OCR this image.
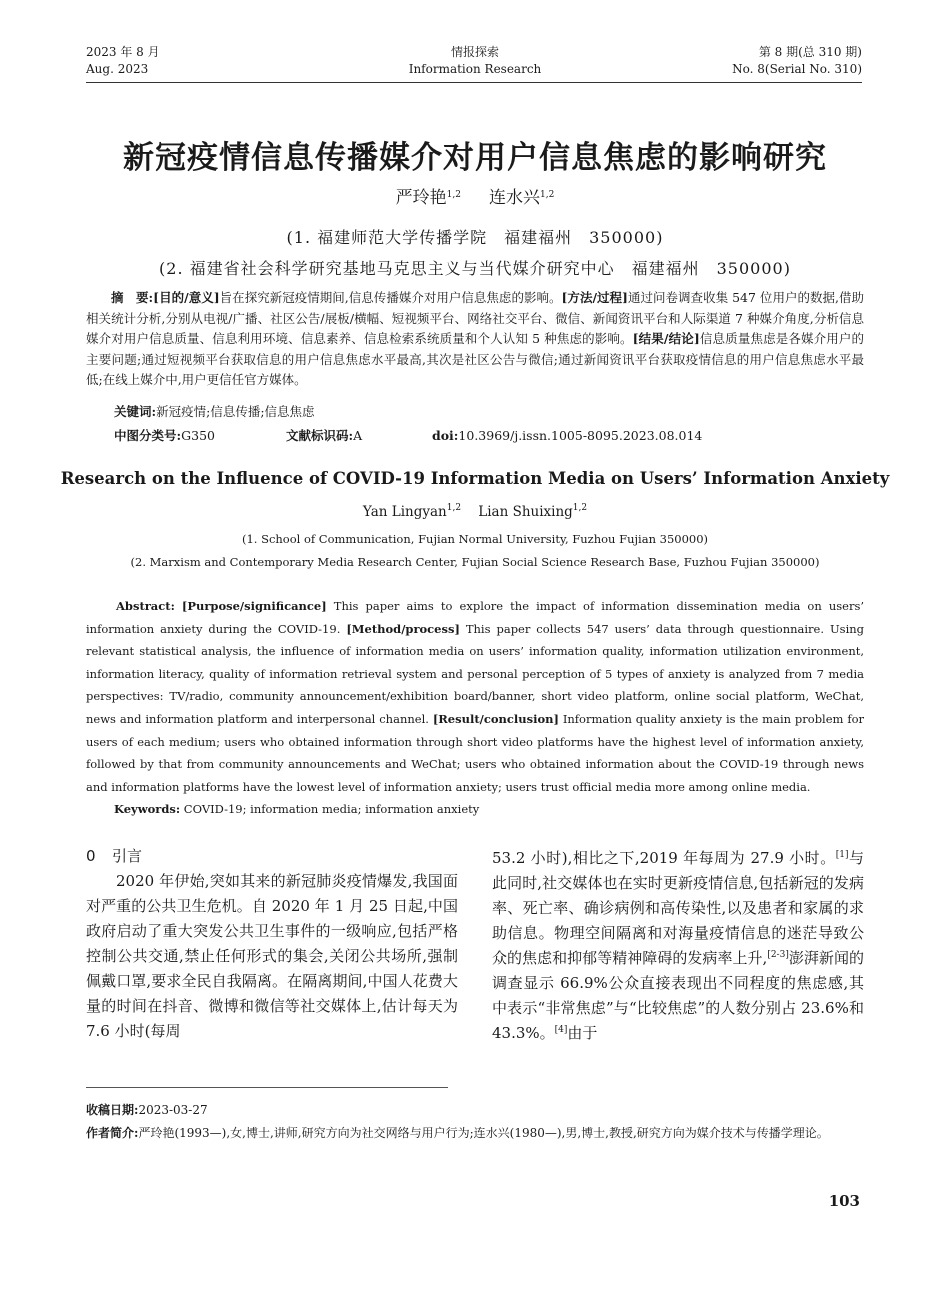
2023 年 8 月
Aug. 2023
情报探索
Information Research
第 8 期(总 310 期)
No. 8(Serial No. 310)
新冠疫情信息传播媒介对用户信息焦虑的影响研究
严玲艳$^{1,2}$ 连水兴$^{1,2}$
(1. 福建师范大学传播学院　福建福州　350000)
(2. 福建省社会科学研究基地马克思主义与当代媒介研究中心　福建福州　350000)
  摘　要:[目的/意义]旨在探究新冠疫情期间,信息传播媒介对用户信息焦虑的影响。[方法/过程]通过问卷调查收集 547 位用户的数据,借助相关统计分析,分别从电视/广播、社区公告/展板/横幅、短视频平台、网络社交平台、微信、新闻资讯平台和人际渠道 7 种媒介角度,分析信息媒介对用户信息质量、信息利用环境、信息素养、信息检索系统质量和个人认知 5 种焦虑的影响。[结果/结论]信息质量焦虑是各媒介用户的主要问题;通过短视频平台获取信息的用户信息焦虑水平最高,其次是社区公告与微信;通过新闻资讯平台获取疫情信息的用户信息焦虑水平最低;在线上媒介中,用户更信任官方媒体。
关键词:新冠疫情;信息传播;信息焦虑
中图分类号:G350	文献标识码:A	doi:10.3969/j.issn.1005-8095.2023.08.014
Research on the Influence of COVID-19 Information Media on Users’ Information Anxiety
Yan Lingyan$^{1,2}$ Lian Shuixing$^{1,2}$
(1. School of Communication, Fujian Normal University, Fuzhou Fujian 350000)
(2. Marxism and Contemporary Media Research Center, Fujian Social Science Research Base, Fuzhou Fujian 350000)
Abstract: [Purpose/significance] This paper aims to explore the impact of information dissemination media on users’ information anxiety during the COVID-19. [Method/process] This paper collects 547 users’ data through questionnaire. Using relevant statistical analysis, the influence of information media on users’ information quality, information utilization environment, information literacy, quality of information retrieval system and personal perception of 5 types of anxiety is analyzed from 7 media perspectives: TV/radio, community announcement/exhibition board/banner, short video platform, online social platform, WeChat, news and information platform and interpersonal channel. [Result/conclusion] Information quality anxiety is the main problem for users of each medium; users who obtained information through short video platforms have the highest level of information anxiety, followed by that from community announcements and WeChat; users who obtained information about the COVID-19 through news and information platforms have the lowest level of information anxiety; users trust official media more among online media.
Keywords: COVID-19; information media; information anxiety
0 引言
2020 年伊始,突如其来的新冠肺炎疫情爆发,我国面对严重的公共卫生危机。自 2020 年 1 月 25 日起,中国政府启动了重大突发公共卫生事件的一级响应,包括严格控制公共交通,禁止任何形式的集会,关闭公共场所,强制佩戴口罩,要求全民自我隔离。在隔离期间,中国人花费大量的时间在抖音、微博和微信等社交媒体上,估计每天为 7.6 小时(每周
53.2 小时),相比之下,2019 年每周为 27.9 小时。[1]与此同时,社交媒体也在实时更新疫情信息,包括新冠的发病率、死亡率、确诊病例和高传染性,以及患者和家属的求助信息。物理空间隔离和对海量疫情信息的迷茫导致公众的焦虑和抑郁等精神障碍的发病率上升,[2-3]澎湃新闻的调查显示 66.9%公众直接表现出不同程度的焦虑感,其中表示“非常焦虑”与“比较焦虑”的人数分别占 23.6%和 43.3%。[4]由于
收稿日期:2023-03-27
作者简介:严玲艳(1993—),女,博士,讲师,研究方向为社交网络与用户行为;连水兴(1980—),男,博士,教授,研究方向为媒介技术与传播学理论。
103
